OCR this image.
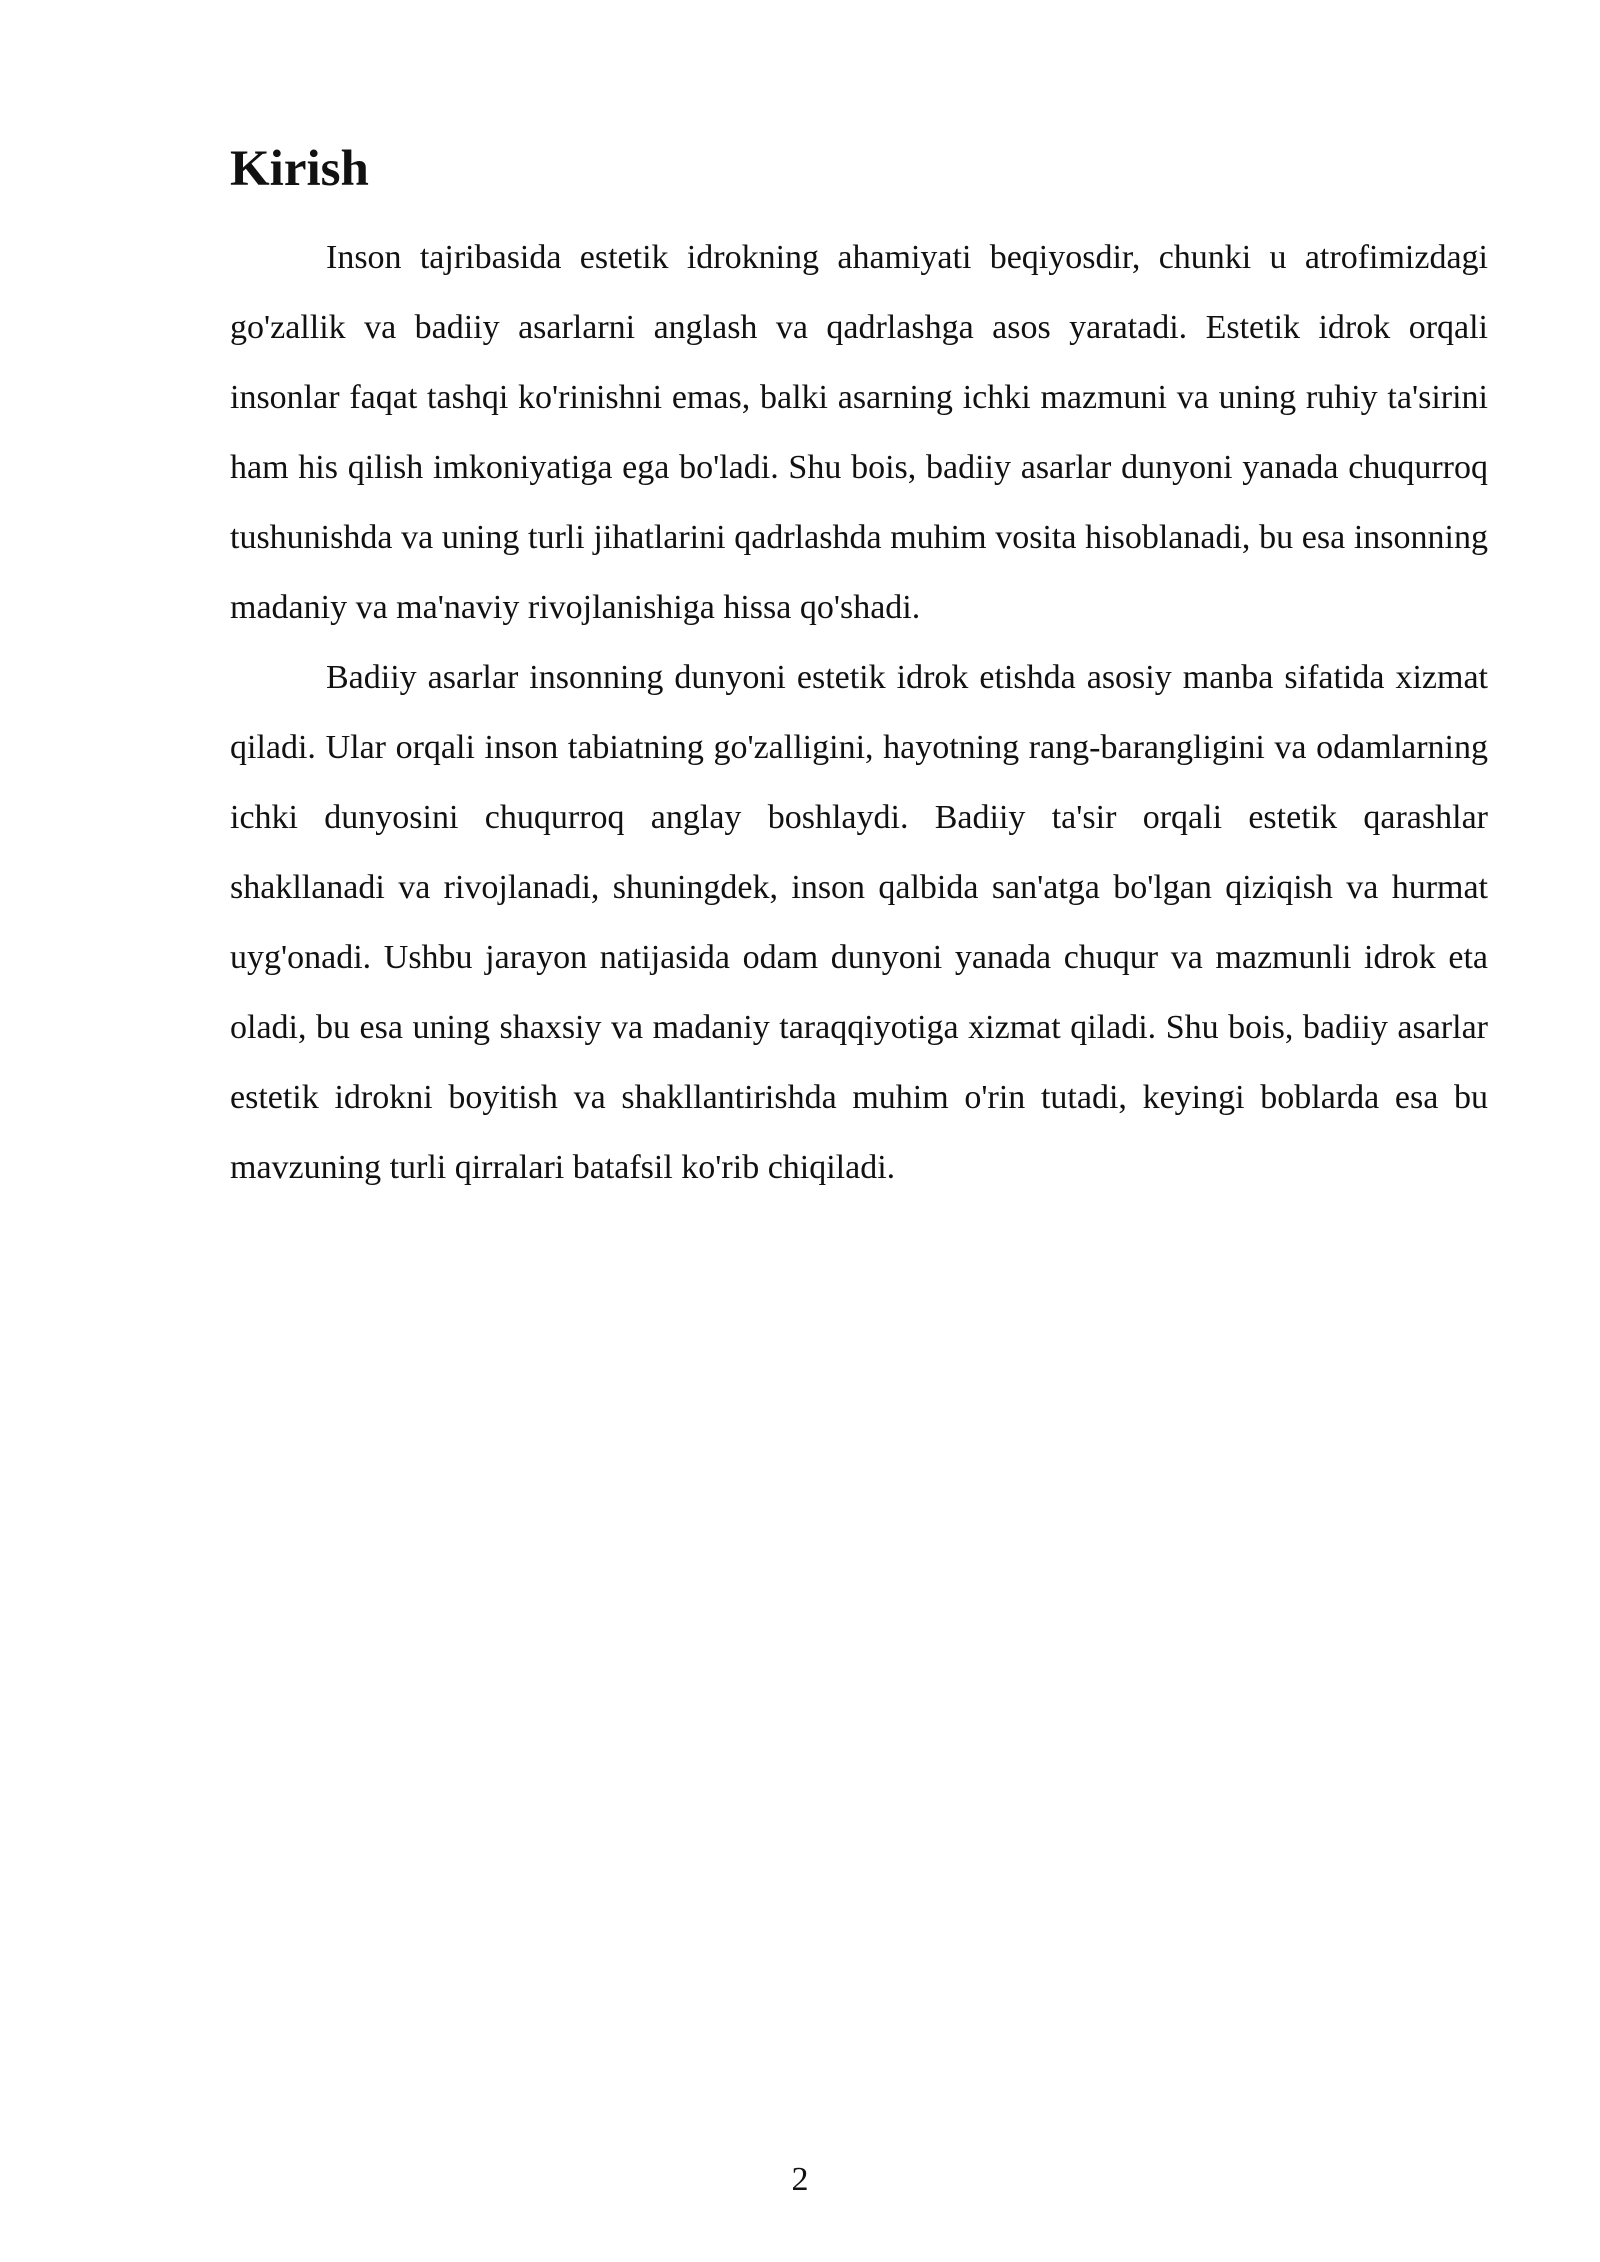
Kirish

Inson tajribasida estetik idrokning ahamiyati beqiyosdir, chunki u atrofimizdagi go'zallik va badiiy asarlarni anglash va qadrlashga asos yaratadi. Estetik idrok orqali insonlar faqat tashqi ko'rinishni emas, balki asarning ichki mazmuni va uning ruhiy ta'sirini ham his qilish imkoniyatiga ega bo'ladi. Shu bois, badiiy asarlar dunyoni yanada chuqurroq tushunishda va uning turli jihatlarini qadrlashda muhim vosita hisoblanadi, bu esa insonning madaniy va ma'naviy rivojlanishiga hissa qo'shadi.

Badiiy asarlar insonning dunyoni estetik idrok etishda asosiy manba sifatida xizmat qiladi. Ular orqali inson tabiatning go'zalligini, hayotning rang-barangligini va odamlarning ichki dunyosini chuqurroq anglay boshlaydi. Badiiy ta'sir orqali estetik qarashlar shakllanadi va rivojlanadi, shuningdek, inson qalbida san'atga bo'lgan qiziqish va hurmat uyg'onadi. Ushbu jarayon natijasida odam dunyoni yanada chuqur va mazmunli idrok eta oladi, bu esa uning shaxsiy va madaniy taraqqiyotiga xizmat qiladi. Shu bois, badiiy asarlar estetik idrokni boyitish va shakllantirishda muhim o'rin tutadi, keyingi boblarda esa bu mavzuning turli qirralari batafsil ko'rib chiqiladi.

2
